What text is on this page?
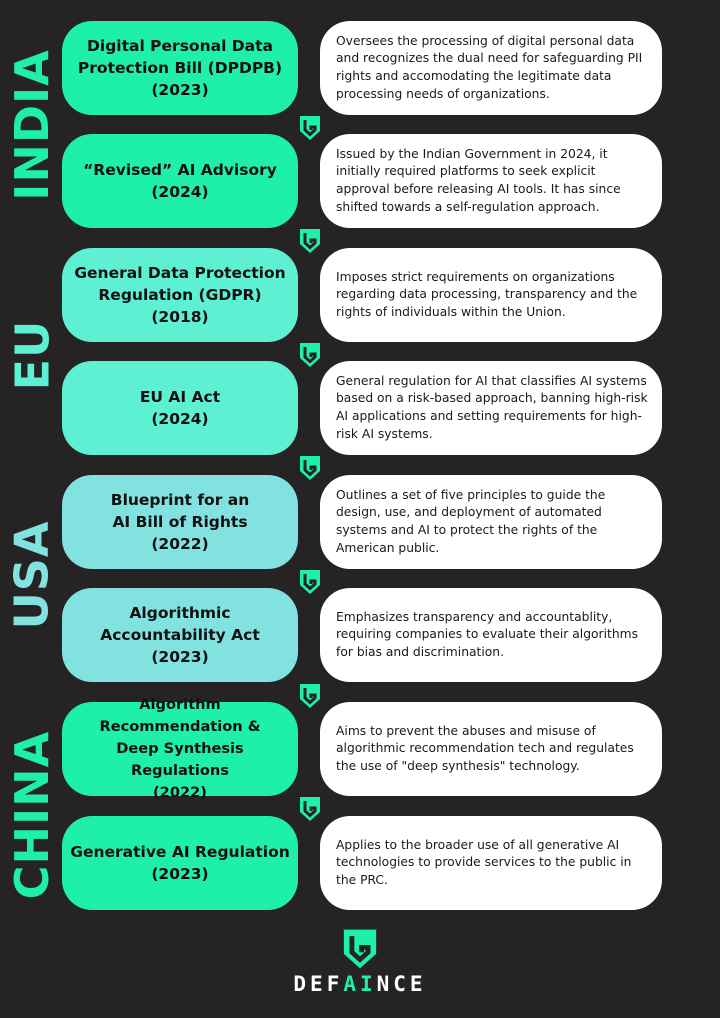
INDIA
EU
USA
CHINA
Digital Personal Data
Protection Bill (DPDPB)
(2023)
Oversees the processing of digital personal data and recognizes the dual need for safeguarding PII rights and accomodating the legitimate data processing needs of organizations.
“Revised” AI Advisory
(2024)
Issued by the Indian Government in 2024, it initially required platforms to seek explicit approval before releasing AI tools. It has since shifted towards a self-regulation approach.
General Data Protection
Regulation (GDPR)
(2018)
Imposes strict requirements on organizations regarding data processing, transparency and the rights of individuals within the Union.
EU AI Act
(2024)
General regulation for AI that classifies AI systems based on a risk-based approach, banning high-risk AI applications and setting requirements for high-risk AI systems.
Blueprint for an
AI Bill of Rights
(2022)
Outlines a set of five principles to guide the design, use, and deployment of automated systems and AI to protect the rights of the American public.
Algorithmic
Accountability Act
(2023)
Emphasizes transparency and accountablity, requiring companies to evaluate their algorithms for bias and discrimination.
Algorithm Recommendation &
Deep Synthesis Regulations
(2022)
Aims to prevent the abuses and misuse of algorithmic recommendation tech and regulates the use of "deep synthesis" technology.
Generative AI Regulation
(2023)
Applies to the broader use of all generative AI technologies to provide services to the public in the PRC.
DEFAINCE
